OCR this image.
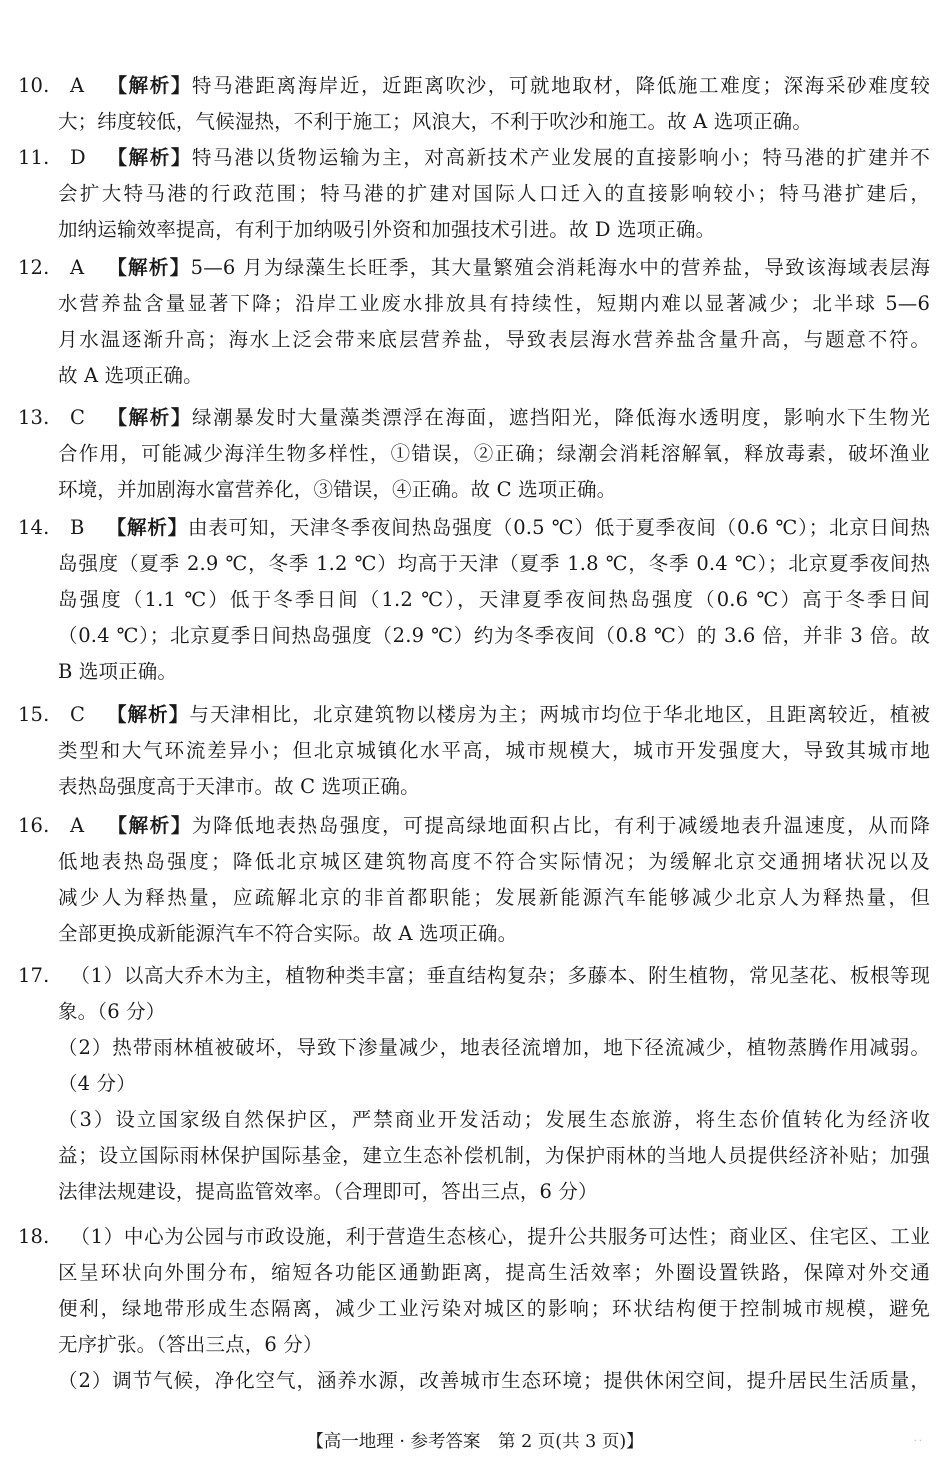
10. A 【解析】特马港距离海岸近，近距离吹沙，可就地取材，降低施工难度；深海采砂难度较
大；纬度较低，气候湿热，不利于施工；风浪大，不利于吹沙和施工。故 A 选项正确。
11. D 【解析】特马港以货物运输为主，对高新技术产业发展的直接影响小；特马港的扩建并不
会扩大特马港的行政范围；特马港的扩建对国际人口迁入的直接影响较小；特马港扩建后，
加纳运输效率提高，有利于加纳吸引外资和加强技术引进。故 D 选项正确。
12. A 【解析】5—6 月为绿藻生长旺季，其大量繁殖会消耗海水中的营养盐，导致该海域表层海
水营养盐含量显著下降；沿岸工业废水排放具有持续性，短期内难以显著减少；北半球 5—6
月水温逐渐升高；海水上泛会带来底层营养盐，导致表层海水营养盐含量升高，与题意不符。
故 A 选项正确。
13. C 【解析】绿潮暴发时大量藻类漂浮在海面，遮挡阳光，降低海水透明度，影响水下生物光
合作用，可能减少海洋生物多样性，①错误，②正确；绿潮会消耗溶解氧，释放毒素，破坏渔业
环境，并加剧海水富营养化，③错误，④正确。故 C 选项正确。
14. B 【解析】由表可知，天津冬季夜间热岛强度（0.5 ℃）低于夏季夜间（0.6 ℃）；北京日间热
岛强度（夏季 2.9 ℃，冬季 1.2 ℃）均高于天津（夏季 1.8 ℃，冬季 0.4 ℃）；北京夏季夜间热
岛强度（1.1 ℃）低于冬季日间（1.2 ℃），天津夏季夜间热岛强度（0.6 ℃）高于冬季日间
（0.4 ℃）；北京夏季日间热岛强度（2.9 ℃）约为冬季夜间（0.8 ℃）的 3.6 倍，并非 3 倍。故
B 选项正确。
15. C 【解析】与天津相比，北京建筑物以楼房为主；两城市均位于华北地区，且距离较近，植被
类型和大气环流差异小；但北京城镇化水平高，城市规模大，城市开发强度大，导致其城市地
表热岛强度高于天津市。故 C 选项正确。
16. A 【解析】为降低地表热岛强度，可提高绿地面积占比，有利于减缓地表升温速度，从而降
低地表热岛强度；降低北京城区建筑物高度不符合实际情况；为缓解北京交通拥堵状况以及
减少人为释热量，应疏解北京的非首都职能；发展新能源汽车能够减少北京人为释热量，但
全部更换成新能源汽车不符合实际。故 A 选项正确。
17. （1）以高大乔木为主，植物种类丰富；垂直结构复杂；多藤本、附生植物，常见茎花、板根等现
象。（6 分）
（2）热带雨林植被破坏，导致下渗量减少，地表径流增加，地下径流减少，植物蒸腾作用减弱。
（4 分）
（3）设立国家级自然保护区，严禁商业开发活动；发展生态旅游，将生态价值转化为经济收
益；设立国际雨林保护国际基金，建立生态补偿机制，为保护雨林的当地人员提供经济补贴；加强
法律法规建设，提高监管效率。（合理即可，答出三点，6 分）
18. （1）中心为公园与市政设施，利于营造生态核心，提升公共服务可达性；商业区、住宅区、工业
区呈环状向外围分布，缩短各功能区通勤距离，提高生活效率；外圈设置铁路，保障对外交通
便利，绿地带形成生态隔离，减少工业污染对城区的影响；环状结构便于控制城市规模，避免
无序扩张。（答出三点，6 分）
（2）调节气候，净化空气，涵养水源，改善城市生态环境；提供休闲空间，提升居民生活质量，
【高一地理 · 参考答案　第 2 页(共 3 页)】	··
